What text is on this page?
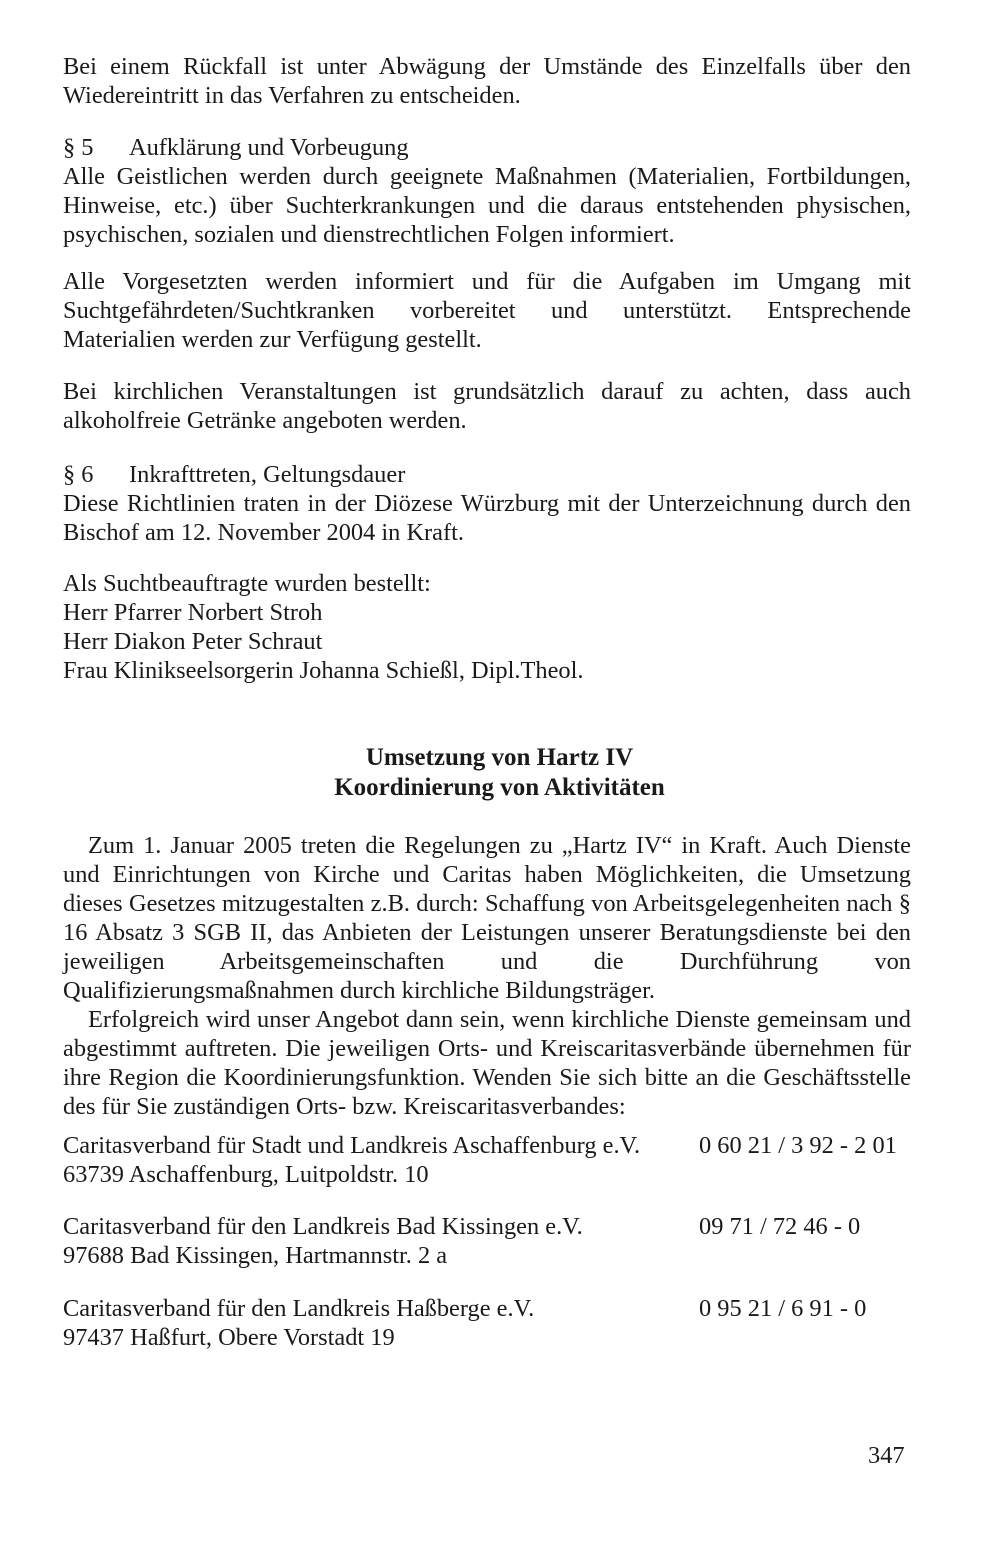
Bei einem Rückfall ist unter Abwägung der Umstände des Einzelfalls über den Wiedereintritt in das Verfahren zu entscheiden.

§ 5	Aufklärung und Vorbeugung

Alle Geistlichen werden durch geeignete Maßnahmen (Materialien, Fortbildungen, Hinweise, etc.) über Suchterkrankungen und die daraus entstehenden physischen, psychischen, sozialen und dienstrechtlichen Folgen informiert.

Alle Vorgesetzten werden informiert und für die Aufgaben im Umgang mit Suchtgefährdeten/Suchtkranken vorbereitet und unterstützt. Entsprechende Materialien werden zur Verfügung gestellt.

Bei kirchlichen Veranstaltungen ist grundsätzlich darauf zu achten, dass auch alkoholfreie Getränke angeboten werden.

§ 6	Inkrafttreten, Geltungsdauer

Diese Richtlinien traten in der Diözese Würzburg mit der Unterzeichnung durch den Bischof am 12. November 2004 in Kraft.

Als Suchtbeauftragte wurden bestellt:

Herr Pfarrer Norbert Stroh

Herr Diakon Peter Schraut

Frau Klinikseelsorgerin Johanna Schießl, Dipl.Theol.

Umsetzung von Hartz IV
Koordinierung von Aktivitäten

Zum 1. Januar 2005 treten die Regelungen zu „Hartz IV“ in Kraft. Auch Dienste und Einrichtungen von Kirche und Caritas haben Möglichkeiten, die Umsetzung dieses Gesetzes mitzugestalten z.B. durch: Schaffung von Arbeitsgelegenheiten nach § 16 Absatz 3 SGB II, das Anbieten der Leistungen unserer Beratungsdienste bei den jeweiligen Arbeitsgemeinschaften und die Durchführung von Qualifizierungsmaßnahmen durch kirchliche Bildungsträger.

Erfolgreich wird unser Angebot dann sein, wenn kirchliche Dienste gemeinsam und abgestimmt auftreten. Die jeweiligen Orts- und Kreiscaritasverbände übernehmen für ihre Region die Koordinierungsfunktion. Wenden Sie sich bitte an die Geschäftsstelle des für Sie zuständigen Orts- bzw. Kreiscaritasverbandes:

Caritasverband für Stadt und Landkreis Aschaffenburg e.V.	0 60 21 / 3 92 - 2 01

63739 Aschaffenburg, Luitpoldstr. 10

Caritasverband für den Landkreis Bad Kissingen e.V.	09 71 / 72 46 - 0

97688 Bad Kissingen, Hartmannstr. 2 a

Caritasverband für den Landkreis Haßberge e.V.	0 95 21 / 6 91 - 0

97437 Haßfurt, Obere Vorstadt 19

347
